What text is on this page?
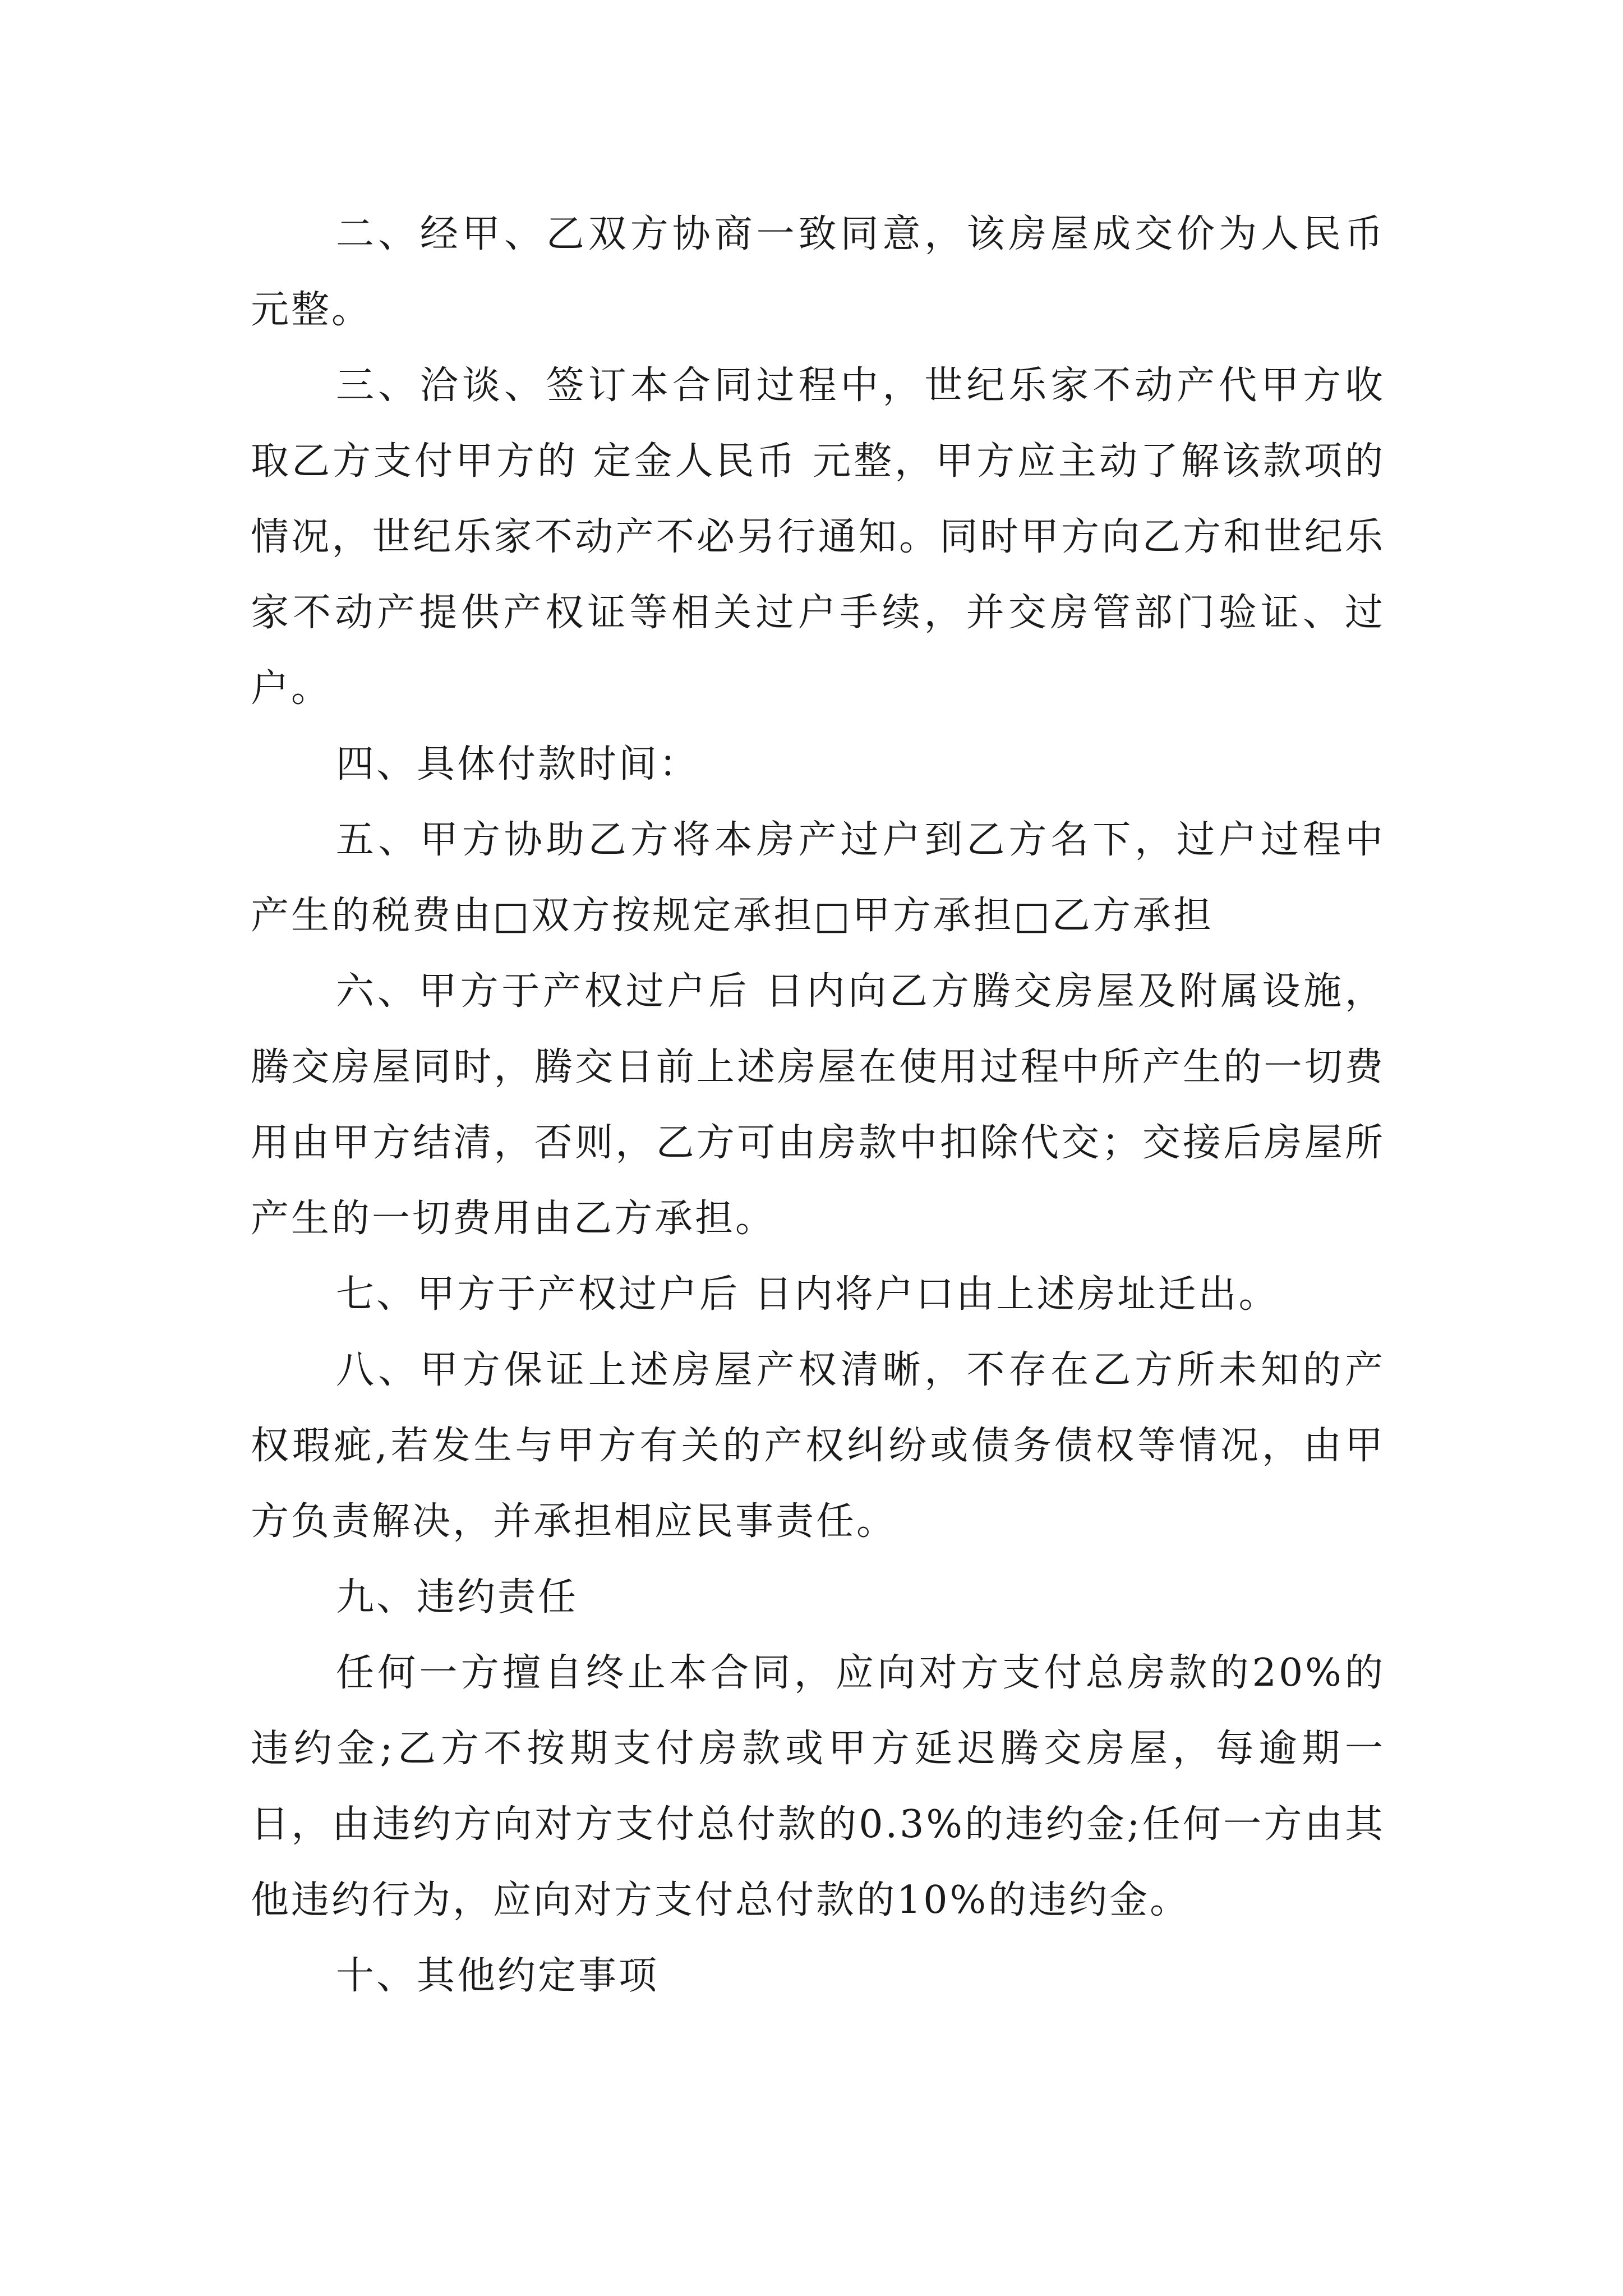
二、经甲、乙双方协商一致同意，该房屋成交价为人民币 元整。

三、洽谈、签订本合同过程中，世纪乐家不动产代甲方收取乙方支付甲方的 定金人民币 元整，甲方应主动了解该款项的情况，世纪乐家不动产不必另行通知。同时甲方向乙方和世纪乐家不动产提供产权证等相关过户手续，并交房管部门验证、过户。

四、具体付款时间：

五、甲方协助乙方将本房产过户到乙方名下，过户过程中产生的税费由□双方按规定承担□甲方承担□乙方承担

六、甲方于产权过户后 日内向乙方腾交房屋及附属设施，腾交房屋同时，腾交日前上述房屋在使用过程中所产生的一切费用由甲方结清，否则，乙方可由房款中扣除代交；交接后房屋所产生的一切费用由乙方承担。

七、甲方于产权过户后 日内将户口由上述房址迁出。

八、甲方保证上述房屋产权清晰，不存在乙方所未知的产权瑕疵,若发生与甲方有关的产权纠纷或债务债权等情况，由甲方负责解决，并承担相应民事责任。

九、违约责任

任何一方擅自终止本合同，应向对方支付总房款的20%的违约金;乙方不按期支付房款或甲方延迟腾交房屋，每逾期一日，由违约方向对方支付总付款的0.3%的违约金;任何一方由其他违约行为，应向对方支付总付款的10%的违约金。

十、其他约定事项
